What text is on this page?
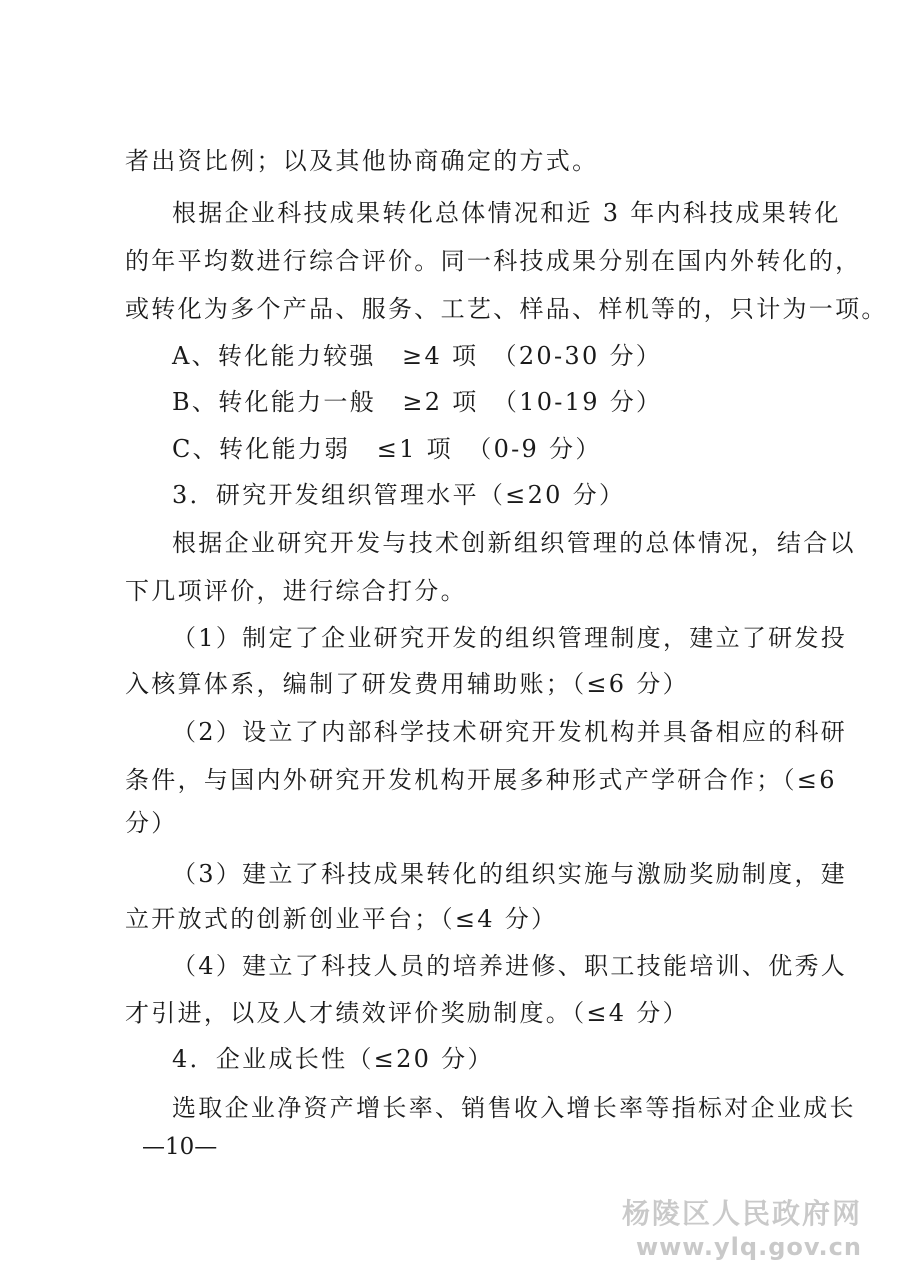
者出资比例；以及其他协商确定的方式。
根据企业科技成果转化总体情况和近 3 年内科技成果转化
的年平均数进行综合评价。同一科技成果分别在国内外转化的，
或转化为多个产品、服务、工艺、样品、样机等的，只计为一项。
A、转化能力较强　≥4 项　（20-30 分）
B、转化能力一般　≥2 项　（10-19 分）
C、转化能力弱　≤1 项　（0-9 分）
3．研究开发组织管理水平（≤20 分）
根据企业研究开发与技术创新组织管理的总体情况，结合以
下几项评价，进行综合打分。
（1）制定了企业研究开发的组织管理制度，建立了研发投
入核算体系，编制了研发费用辅助账；（≤6 分）
（2）设立了内部科学技术研究开发机构并具备相应的科研
条件，与国内外研究开发机构开展多种形式产学研合作；（≤6
分）
（3）建立了科技成果转化的组织实施与激励奖励制度，建
立开放式的创新创业平台；（≤4 分）
（4）建立了科技人员的培养进修、职工技能培训、优秀人
才引进，以及人才绩效评价奖励制度。（≤4 分）
4．企业成长性（≤20 分）
选取企业净资产增长率、销售收入增长率等指标对企业成长
—10—
杨陵区人民政府网
www.ylq.gov.cn
